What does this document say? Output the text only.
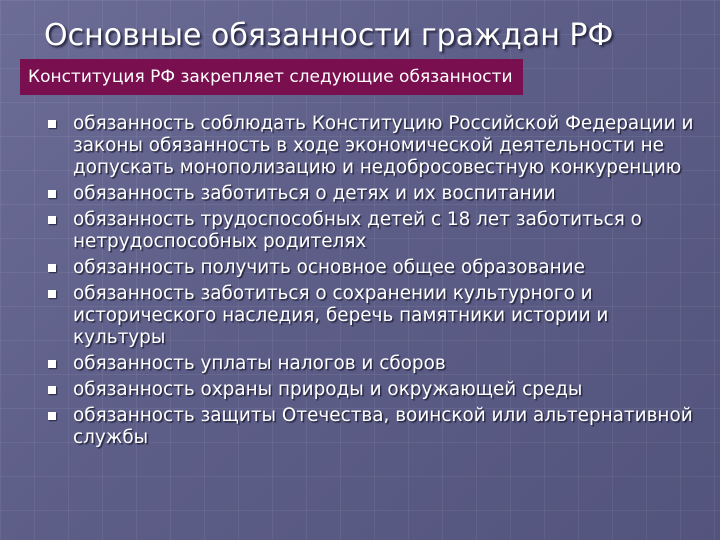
Основные обязанности граждан РФ
Конституция РФ закрепляет следующие обязанности
обязанность соблюдать Конституцию Российской Федерации и законы обязанность в ходе экономической деятельности не допускать монополизацию и недобросовестную конкуренцию
обязанность заботиться о детях и их воспитании
обязанность трудоспособных детей с 18 лет заботиться о нетрудоспособных родителях
обязанность получить основное общее образование
обязанность заботиться о сохранении культурного и исторического наследия, беречь памятники истории и культуры
обязанность уплаты налогов и сборов
обязанность охраны природы и окружающей среды
обязанность защиты Отечества, воинской или альтернативной службы
